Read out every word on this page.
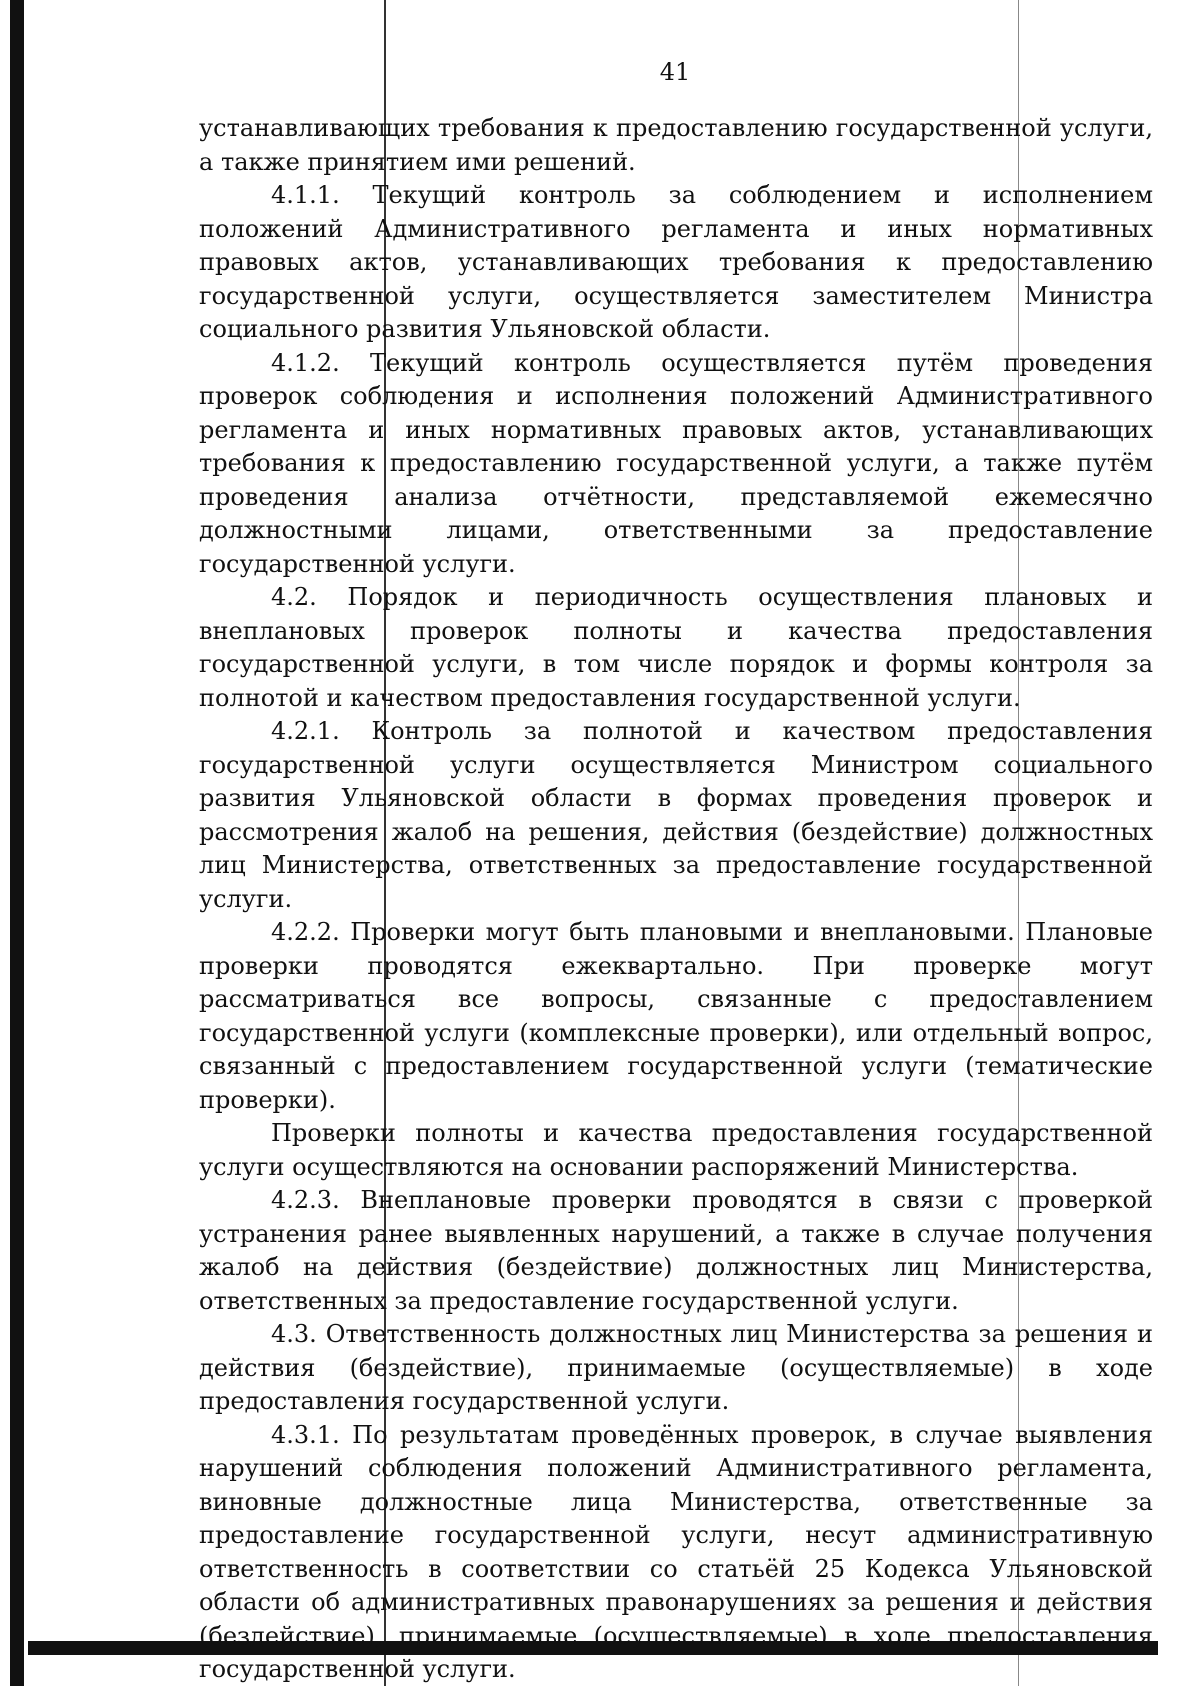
41

устанавливающих требования к предоставлению государственной услуги, а также принятием ими решений.

4.1.1. Текущий контроль за соблюдением и исполнением положений Административного регламента и иных нормативных правовых актов, устанавливающих требования к предоставлению государственной услуги, осуществляется заместителем Министра социального развития Ульяновской области.

4.1.2. Текущий контроль осуществляется путём проведения проверок соблюдения и исполнения положений Административного регламента и иных нормативных правовых актов, устанавливающих требования к предоставлению государственной услуги, а также путём проведения анализа отчётности, представляемой ежемесячно должностными лицами, ответственными за предоставление государственной услуги.

4.2. Порядок и периодичность осуществления плановых и внеплановых проверок полноты и качества предоставления государственной услуги, в том числе порядок и формы контроля за полнотой и качеством предоставления государственной услуги.

4.2.1. Контроль за полнотой и качеством предоставления государственной услуги осуществляется Министром социального развития Ульяновской области в формах проведения проверок и рассмотрения жалоб на решения, действия (бездействие) должностных лиц Министерства, ответственных за предоставление государственной услуги.

4.2.2. Проверки могут быть плановыми и внеплановыми. Плановые проверки проводятся ежеквартально. При проверке могут рассматриваться все вопросы, связанные с предоставлением государственной услуги (комплексные проверки), или отдельный вопрос, связанный с предоставлением государственной услуги (тематические проверки).

Проверки полноты и качества предоставления государственной услуги осуществляются на основании распоряжений Министерства.

4.2.3. Внеплановые проверки проводятся в связи с проверкой устранения ранее выявленных нарушений, а также в случае получения жалоб на действия (бездействие) должностных лиц Министерства, ответственных за предоставление государственной услуги.

4.3. Ответственность должностных лиц Министерства за решения и действия (бездействие), принимаемые (осуществляемые) в ходе предоставления государственной услуги.

4.3.1. По результатам проведённых проверок, в случае выявления нарушений соблюдения положений Административного регламента, виновные должностные лица Министерства, ответственные за предоставление государственной услуги, несут административную ответственность в соответствии со статьёй 25 Кодекса Ульяновской области об административных правонарушениях за решения и действия (бездействие), принимаемые (осуществляемые) в ходе предоставления государственной услуги.
